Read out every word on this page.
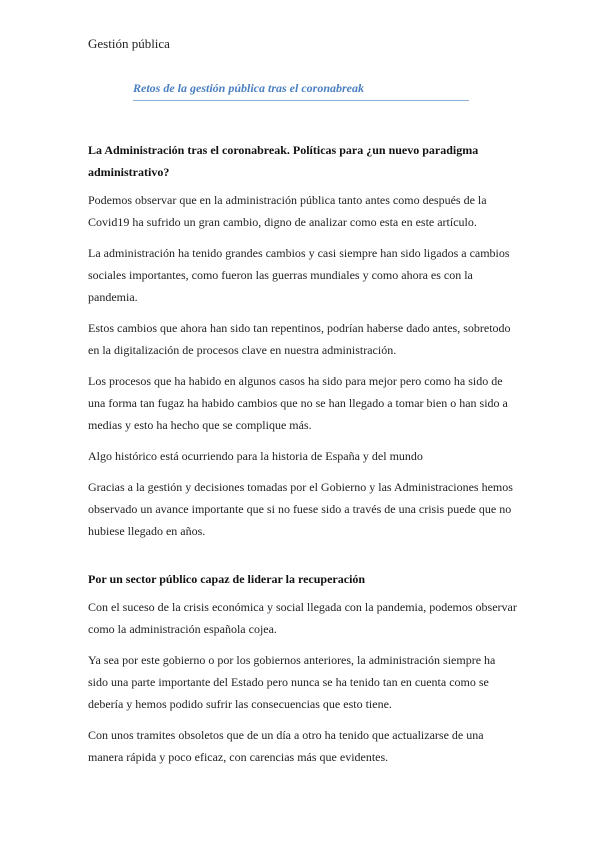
Gestión pública
Retos de la gestión pública tras el coronabreak
La Administración tras el coronabreak. Políticas para ¿un nuevo paradigma administrativo?

Podemos observar que en la administración pública tanto antes como después de la Covid19 ha sufrido un gran cambio, digno de analizar como esta en este artículo.

La administración ha tenido grandes cambios y casi siempre han sido ligados a cambios sociales importantes, como fueron las guerras mundiales y como ahora es con la pandemia.

Estos cambios que ahora han sido tan repentinos, podrían haberse dado antes, sobretodo en la digitalización de procesos clave en nuestra administración.

Los procesos que ha habido en algunos casos ha sido para mejor pero como ha sido de una forma tan fugaz ha habido cambios que no se han llegado a tomar bien o han sido a medias y esto ha hecho que se complique más.

Algo histórico está ocurriendo para la historia de España y del mundo

Gracias a la gestión y decisiones tomadas por el Gobierno y las Administraciones hemos observado un avance importante que si no fuese sido a través de una crisis puede que no hubiese llegado en años.

Por un sector público capaz de liderar la recuperación

Con el suceso de la crisis económica y social llegada con la pandemia, podemos observar como la administración española cojea.

Ya sea por este gobierno o por los gobiernos anteriores, la administración siempre ha sido una parte importante del Estado pero nunca se ha tenido tan en cuenta como se debería y hemos podido sufrir las consecuencias que esto tiene.

Con unos tramites obsoletos que de un día a otro ha tenido que actualizarse de una manera rápida y poco eficaz, con carencias más que evidentes.
